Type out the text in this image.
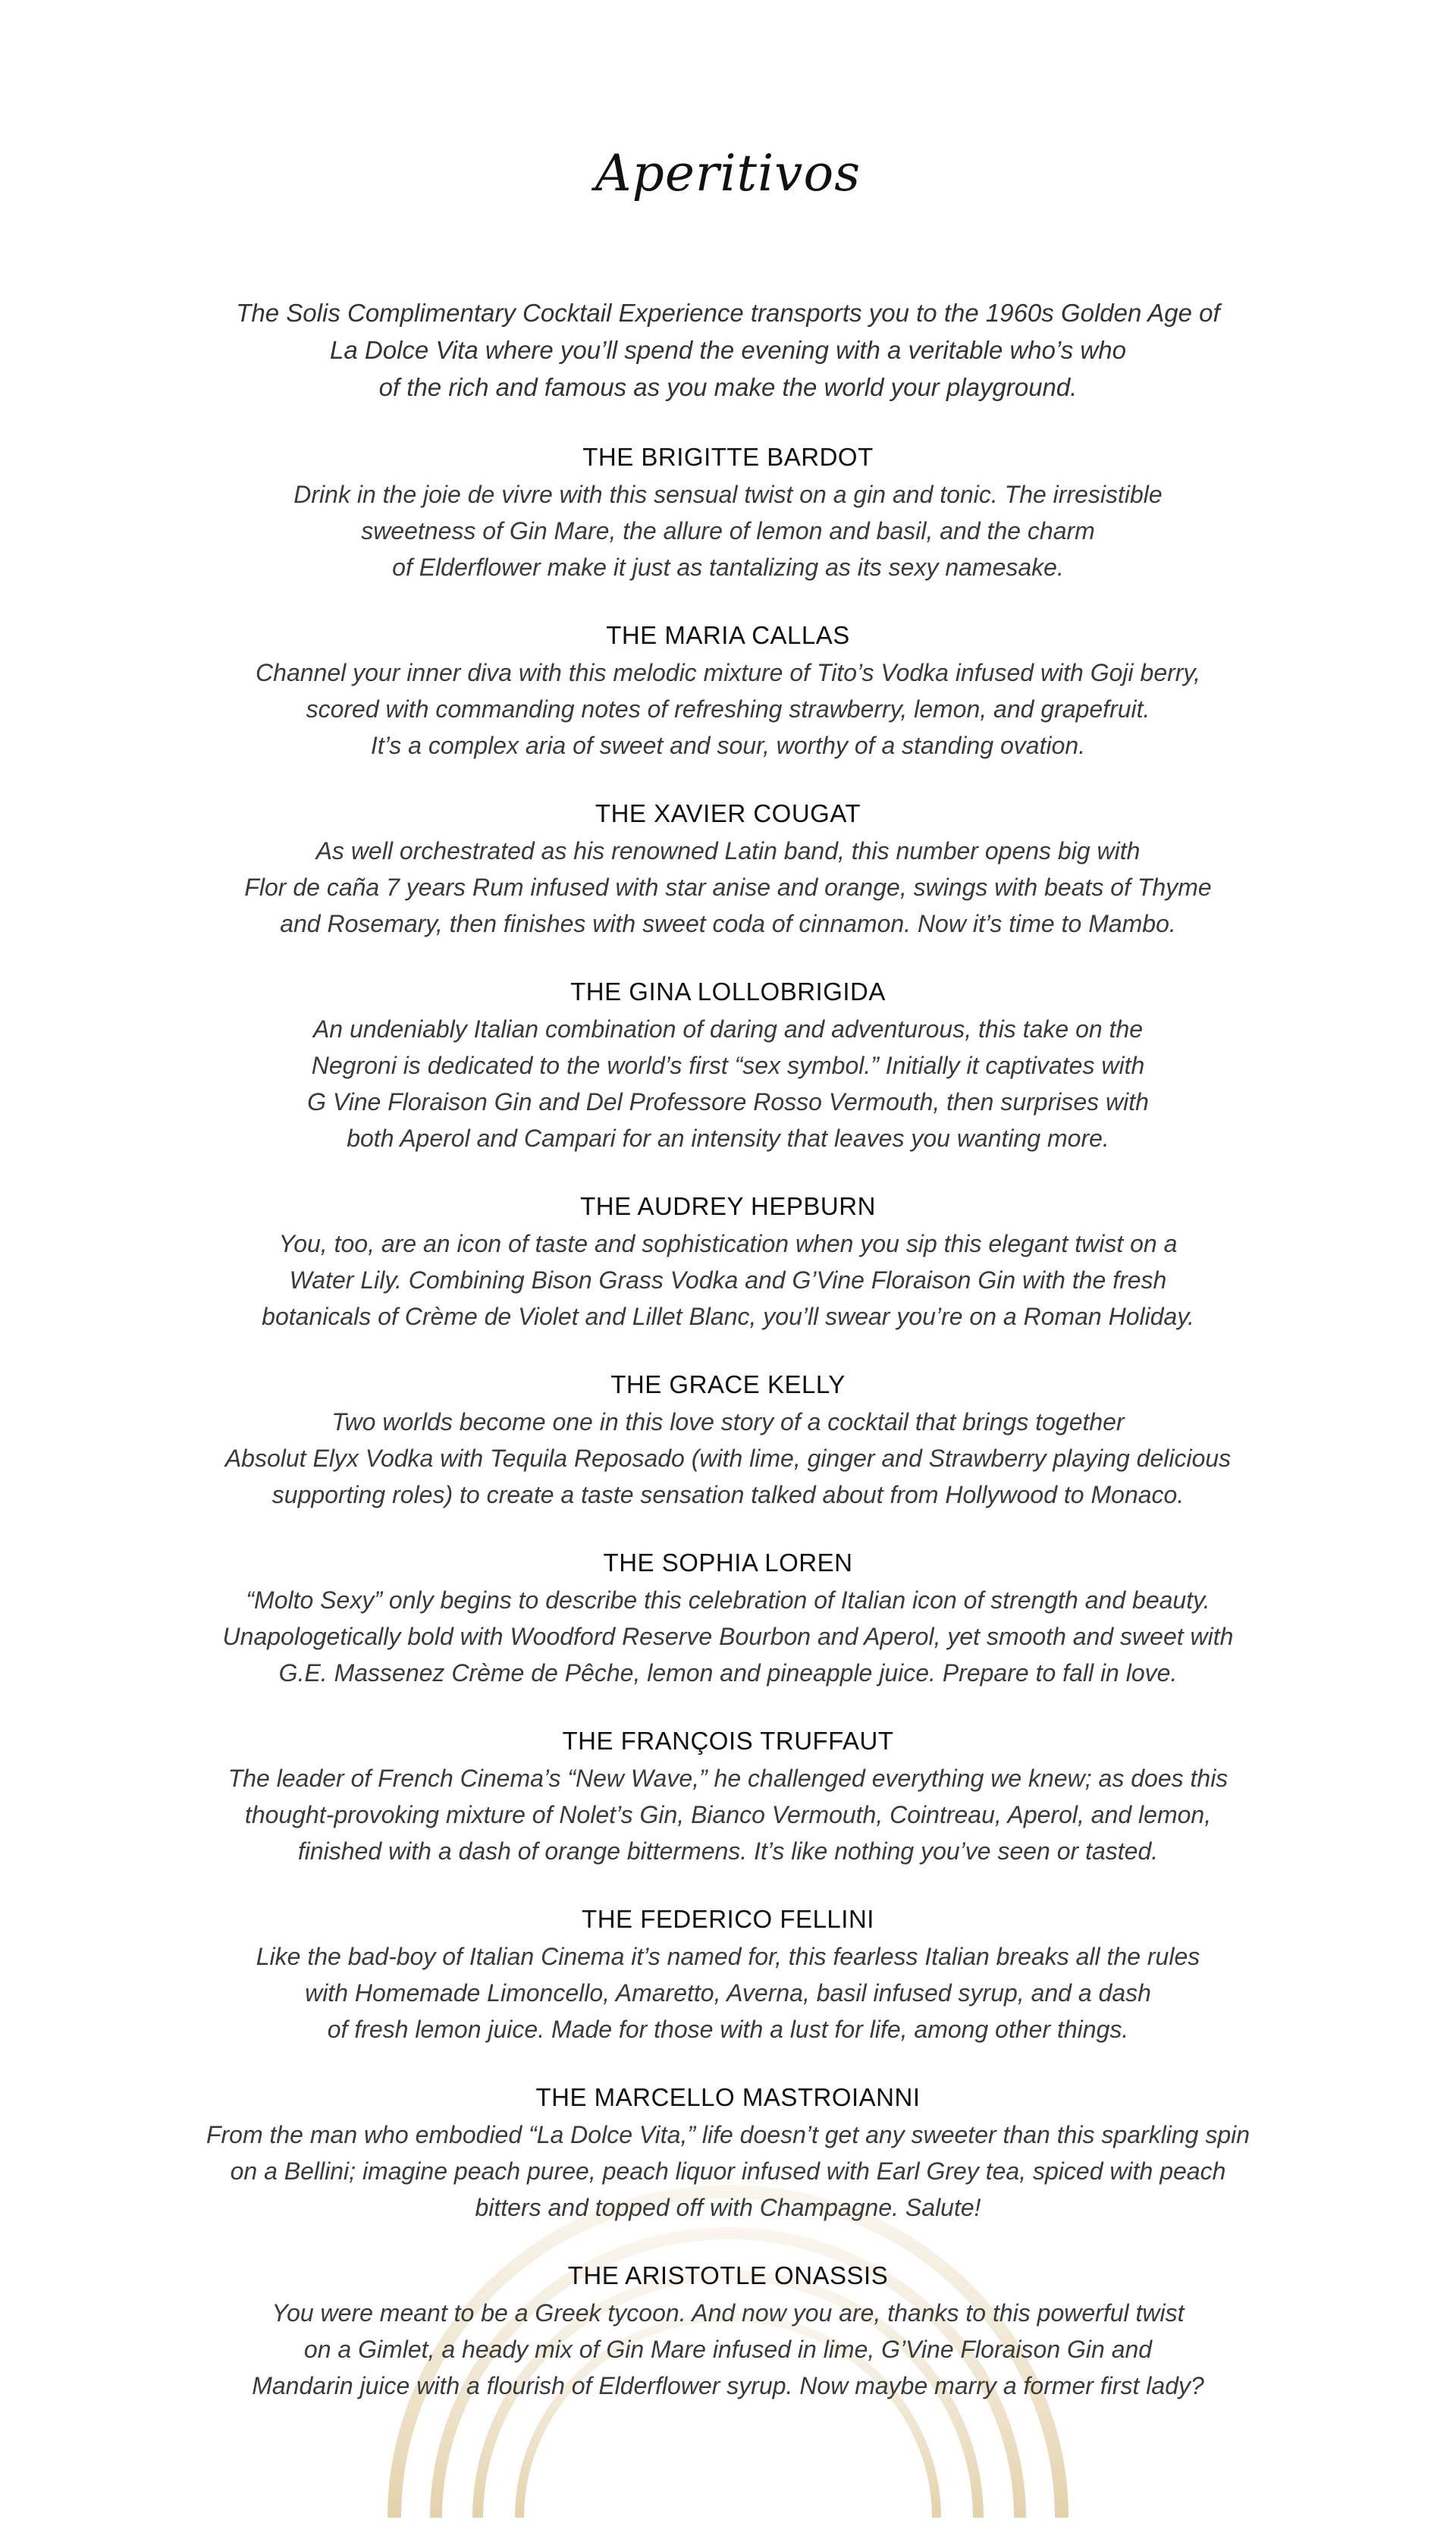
Aperitivos

The Solis Complimentary Cocktail Experience transports you to the 1960s Golden Age of
La Dolce Vita where you’ll spend the evening with a veritable who’s who
of the rich and famous as you make the world your playground.

THE BRIGITTE BARDOT

Drink in the joie de vivre with this sensual twist on a gin and tonic. The irresistible
sweetness of Gin Mare, the allure of lemon and basil, and the charm
of Elderflower make it just as tantalizing as its sexy namesake.

THE MARIA CALLAS

Channel your inner diva with this melodic mixture of Tito’s Vodka infused with Goji berry,
scored with commanding notes of refreshing strawberry, lemon, and grapefruit.
It’s a complex aria of sweet and sour, worthy of a standing ovation.

THE XAVIER COUGAT

As well orchestrated as his renowned Latin band, this number opens big with
Flor de caña 7 years Rum infused with star anise and orange, swings with beats of Thyme
and Rosemary, then finishes with sweet coda of cinnamon. Now it’s time to Mambo.

THE GINA LOLLOBRIGIDA

An undeniably Italian combination of daring and adventurous, this take on the
Negroni is dedicated to the world’s first “sex symbol.” Initially it captivates with
G Vine Floraison Gin and Del Professore Rosso Vermouth, then surprises with
both Aperol and Campari for an intensity that leaves you wanting more.

THE AUDREY HEPBURN

You, too, are an icon of taste and sophistication when you sip this elegant twist on a
Water Lily. Combining Bison Grass Vodka and G’Vine Floraison Gin with the fresh
botanicals of Crème de Violet and Lillet Blanc, you’ll swear you’re on a Roman Holiday.

THE GRACE KELLY

Two worlds become one in this love story of a cocktail that brings together
Absolut Elyx Vodka with Tequila Reposado (with lime, ginger and Strawberry playing delicious
supporting roles) to create a taste sensation talked about from Hollywood to Monaco.

THE SOPHIA LOREN

“Molto Sexy” only begins to describe this celebration of Italian icon of strength and beauty.
Unapologetically bold with Woodford Reserve Bourbon and Aperol, yet smooth and sweet with
G.E. Massenez Crème de Pêche, lemon and pineapple juice. Prepare to fall in love.

THE FRANÇOIS TRUFFAUT

The leader of French Cinema’s “New Wave,” he challenged everything we knew; as does this
thought-provoking mixture of Nolet’s Gin, Bianco Vermouth, Cointreau, Aperol, and lemon,
finished with a dash of orange bittermens. It’s like nothing you’ve seen or tasted.

THE FEDERICO FELLINI

Like the bad-boy of Italian Cinema it’s named for, this fearless Italian breaks all the rules
with Homemade Limoncello, Amaretto, Averna, basil infused syrup, and a dash
of fresh lemon juice. Made for those with a lust for life, among other things.

THE MARCELLO MASTROIANNI

From the man who embodied “La Dolce Vita,” life doesn’t get any sweeter than this sparkling spin
on a Bellini; imagine peach puree, peach liquor infused with Earl Grey tea, spiced with peach
bitters and topped off with Champagne. Salute!

THE ARISTOTLE ONASSIS

You were meant to be a Greek tycoon. And now you are, thanks to this powerful twist
on a Gimlet, a heady mix of Gin Mare infused in lime, G’Vine Floraison Gin and
Mandarin juice with a flourish of Elderflower syrup. Now maybe marry a former first lady?
